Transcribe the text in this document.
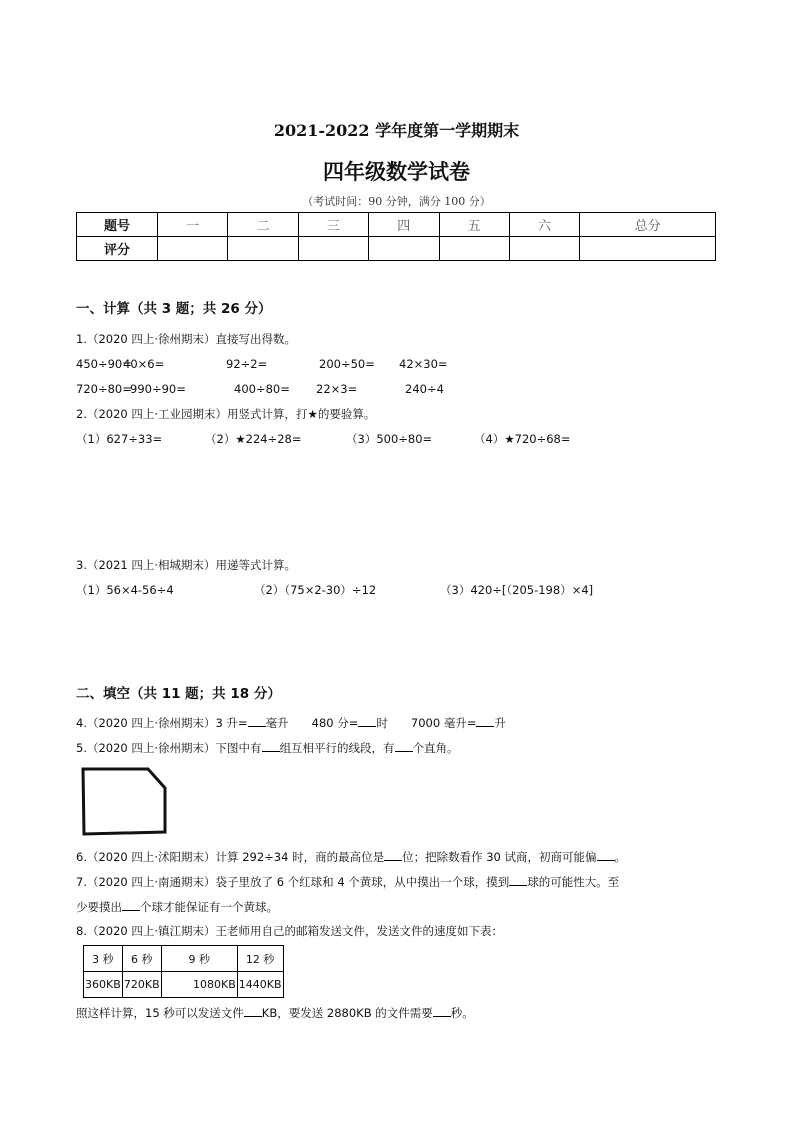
2021-2022 学年度第一学期期末
四年级数学试卷
（考试时间：90 分钟，满分 100 分）
题号	一	二	三	四	五	六	总分
评分							
一、计算（共 3 题；共 26 分）
1.（2020 四上·徐州期末）直接写出得数。
450÷90=
40×6=	92÷2=	200÷50= 42×30=
720÷80=
990÷90=	400÷80= 22×3=	240÷4
2.（2020 四上·工业园期末）用竖式计算，打★的要验算。
（1）627÷33=	（2）★224÷28=	（3）500÷80=	（4）★720÷68=
3.（2021 四上·相城期末）用递等式计算。
（1）56×4-56÷4	（2）（75×2-30）÷12	（3）420÷[（205-198）×4]
二、填空（共 11 题；共 18 分）
4.（2020 四上·徐州期末）3 升= 毫升　　480 分= 时　　7000 毫升= 升
5.（2020 四上·徐州期末）下图中有 组互相平行的线段，有 个直角。
6.（2020 四上·沭阳期末）计算 292÷34 时，商的最高位是 位；把除数看作 30 试商，初商可能偏 。
7.（2020 四上·南通期末）袋子里放了 6 个红球和 4 个黄球，从中摸出一个球，摸到 球的可能性大。至
少要摸出 个球才能保证有一个黄球。
8.（2020 四上·镇江期末）王老师用自己的邮箱发送文件，发送文件的速度如下表：
3 秒	6 秒	9 秒	12 秒
360KB	720KB	1080KB	1440KB
照这样计算，15 秒可以发送文件 KB，要发送 2880KB 的文件需要 秒。
